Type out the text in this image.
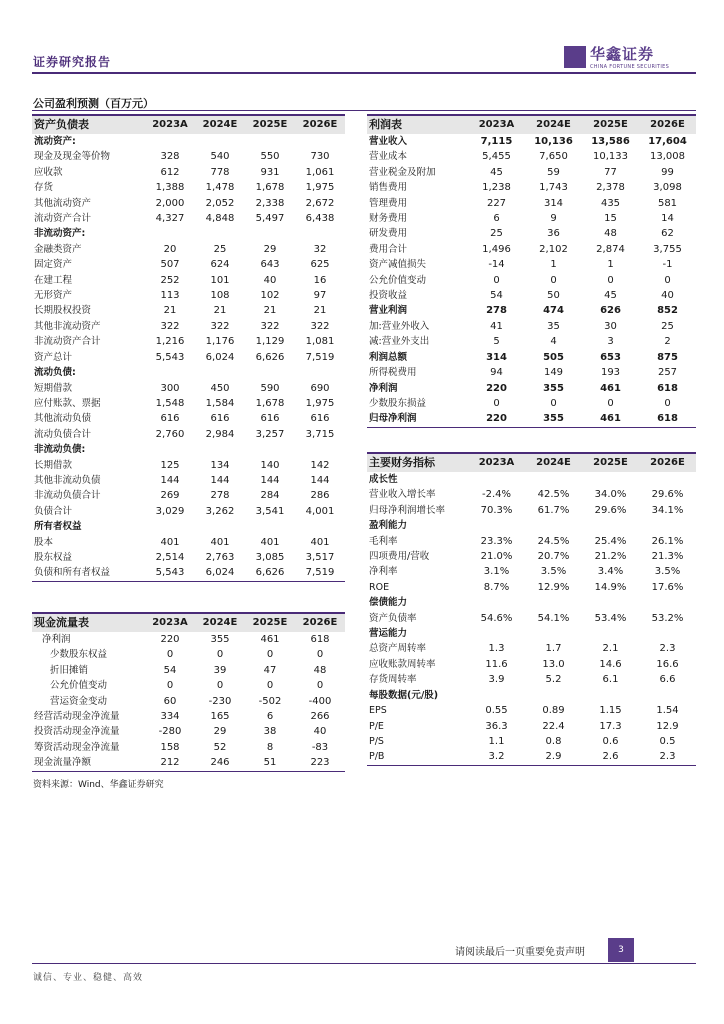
证券研究报告	华鑫证券
CHINA FORTUNE SECURITIES
公司盈利预测（百万元）
资产负债表	2023A	2024E	2025E	2026E
流动资产:				
现金及现金等价物	328	540	550	730
应收款	612	778	931	1,061
存货	1,388	1,478	1,678	1,975
其他流动资产	2,000	2,052	2,338	2,672
流动资产合计	4,327	4,848	5,497	6,438
非流动资产:				
金融类资产	20	25	29	32
固定资产	507	624	643	625
在建工程	252	101	40	16
无形资产	113	108	102	97
长期股权投资	21	21	21	21
其他非流动资产	322	322	322	322
非流动资产合计	1,216	1,176	1,129	1,081
资产总计	5,543	6,024	6,626	7,519
流动负债:				
短期借款	300	450	590	690
应付账款、票据	1,548	1,584	1,678	1,975
其他流动负债	616	616	616	616
流动负债合计	2,760	2,984	3,257	3,715
非流动负债:				
长期借款	125	134	140	142
其他非流动负债	144	144	144	144
非流动负债合计	269	278	284	286
负债合计	3,029	3,262	3,541	4,001
所有者权益				
股本	401	401	401	401
股东权益	2,514	2,763	3,085	3,517
负债和所有者权益	5,543	6,024	6,626	7,519
现金流量表	2023A	2024E	2025E	2026E
净利润	220	355	461	618
少数股东权益	0	0	0	0
折旧摊销	54	39	47	48
公允价值变动	0	0	0	0
营运资金变动	60	-230	-502	-400
经营活动现金净流量	334	165	6	266
投资活动现金净流量	-280	29	38	40
筹资活动现金净流量	158	52	8	-83
现金流量净额	212	246	51	223
利润表	2023A	2024E	2025E	2026E
营业收入	7,115	10,136	13,586	17,604
营业成本	5,455	7,650	10,133	13,008
营业税金及附加	45	59	77	99
销售费用	1,238	1,743	2,378	3,098
管理费用	227	314	435	581
财务费用	6	9	15	14
研发费用	25	36	48	62
费用合计	1,496	2,102	2,874	3,755
资产减值损失	-14	1	1	-1
公允价值变动	0	0	0	0
投资收益	54	50	45	40
营业利润	278	474	626	852
加:营业外收入	41	35	30	25
减:营业外支出	5	4	3	2
利润总额	314	505	653	875
所得税费用	94	149	193	257
净利润	220	355	461	618
少数股东损益	0	0	0	0
归母净利润	220	355	461	618
主要财务指标	2023A	2024E	2025E	2026E
成长性				
营业收入增长率	-2.4%	42.5%	34.0%	29.6%
归母净利润增长率	70.3%	61.7%	29.6%	34.1%
盈利能力				
毛利率	23.3%	24.5%	25.4%	26.1%
四项费用/营收	21.0%	20.7%	21.2%	21.3%
净利率	3.1%	3.5%	3.4%	3.5%
ROE	8.7%	12.9%	14.9%	17.6%
偿债能力				
资产负债率	54.6%	54.1%	53.4%	53.2%
营运能力				
总资产周转率	1.3	1.7	2.1	2.3
应收账款周转率	11.6	13.0	14.6	16.6
存货周转率	3.9	5.2	6.1	6.6
每股数据(元/股)				
EPS	0.55	0.89	1.15	1.54
P/E	36.3	22.4	17.3	12.9
P/S	1.1	0.8	0.6	0.5
P/B	3.2	2.9	2.6	2.3
资料来源：Wind、华鑫证券研究
请阅读最后一页重要免责声明	3
诚信、专业、稳健、高效
